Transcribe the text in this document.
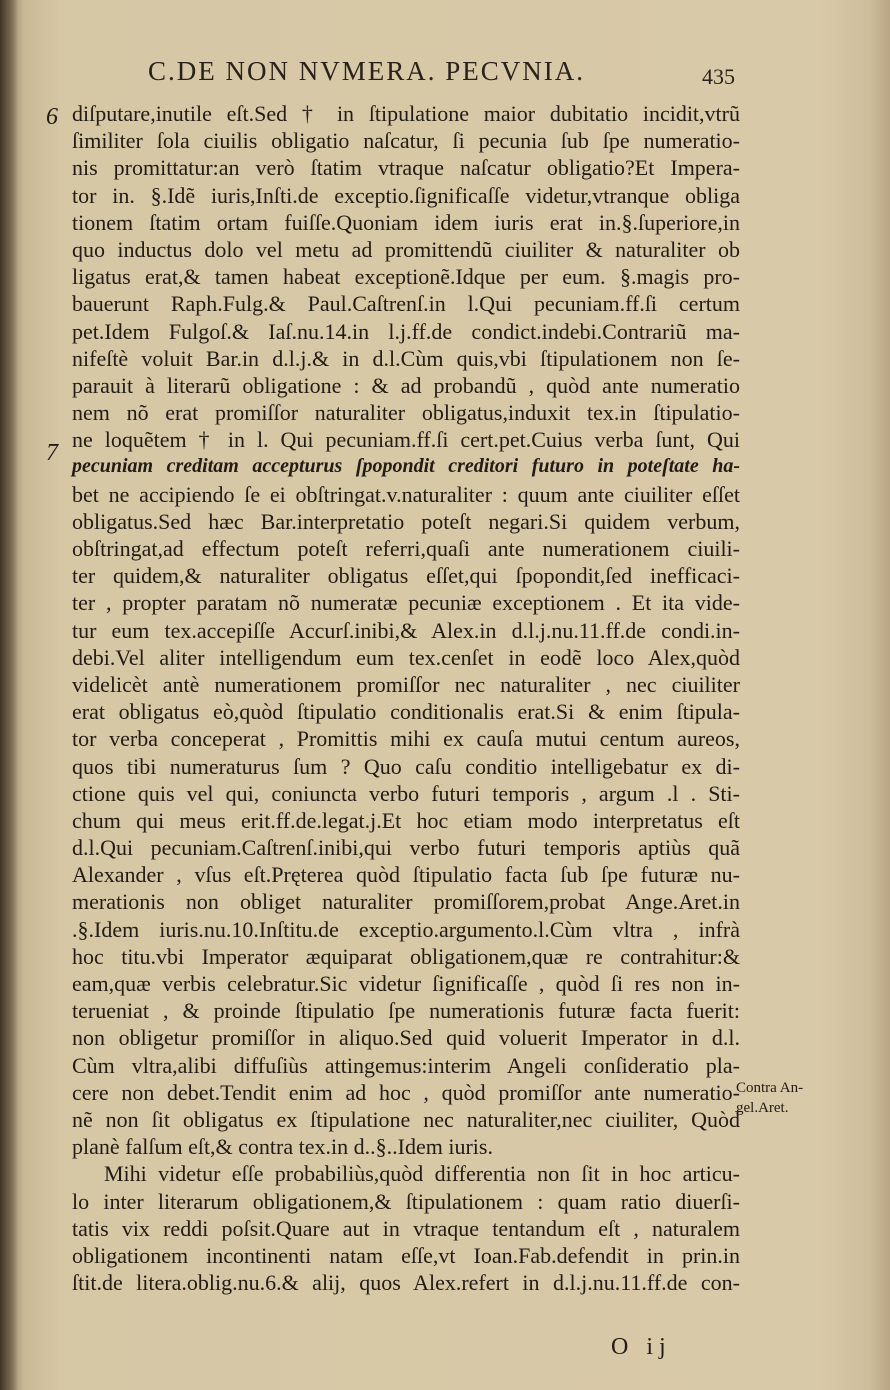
C.DE NON NVMERA. PECVNIA.	435
6
7
diſputare,inutile eſt.Sed † in ſtipulatione maior dubitatio incidit,vtrũ
ſimiliter ſola ciuilis obligatio naſcatur, ſi pecunia ſub ſpe numeratio-
nis promittatur:an verò ſtatim vtraque naſcatur obligatio?Et Impera-
tor in. §.Idẽ iuris,Inſti.de exceptio.ſignificaſſe videtur,vtranque obliga
tionem ſtatim ortam fuiſſe.Quoniam idem iuris erat in.§.ſuperiore,in
quo inductus dolo vel metu ad promittendũ ciuiliter & naturaliter ob
ligatus erat,& tamen habeat exceptionẽ.Idque per eum. §.magis pro-
bauerunt Raph.Fulg.& Paul.Caſtrenſ.in l.Qui pecuniam.ff.ſi certum
pet.Idem Fulgoſ.& Iaſ.nu.14.in l.j.ff.de condict.indebi.Contrariũ ma-
nifeſtè voluit Bar.in d.l.j.& in d.l.Cùm quis,vbi ſtipulationem non ſe-
parauit à literarũ obligatione : & ad probandũ , quòd ante numeratio
nem nõ erat promiſſor naturaliter obligatus,induxit tex.in ſtipulatio-
ne loquẽtem † in l. Qui pecuniam.ff.ſi cert.pet.Cuius verba ſunt, Qui
pecuniam creditam accepturus ſpopondit creditori futuro in poteſtate ha-
bet ne accipiendo ſe ei obſtringat.v.naturaliter : quum ante ciuiliter eſſet
obligatus.Sed hæc Bar.interpretatio poteſt negari.Si quidem verbum,
obſtringat,ad effectum poteſt referri,quaſi ante numerationem ciuili-
ter quidem,& naturaliter obligatus eſſet,qui ſpopondit,ſed inefficaci-
ter , propter paratam nõ numeratæ pecuniæ exceptionem . Et ita vide-
tur eum tex.accepiſſe Accurſ.inibi,& Alex.in d.l.j.nu.11.ff.de condi.in-
debi.Vel aliter intelligendum eum tex.cenſet in eodẽ loco Alex,quòd
videlicèt antè numerationem promiſſor nec naturaliter , nec ciuiliter
erat obligatus eò,quòd ſtipulatio conditionalis erat.Si & enim ſtipula-
tor verba conceperat , Promittis mihi ex cauſa mutui centum aureos,
quos tibi numeraturus ſum ? Quo caſu conditio intelligebatur ex di-
ctione quis vel qui, coniuncta verbo futuri temporis , argum .l . Sti-
chum qui meus erit.ff.de.legat.j.Et hoc etiam modo interpretatus eſt
d.l.Qui pecuniam.Caſtrenſ.inibi,qui verbo futuri temporis aptiùs quã
Alexander , vſus eſt.Pręterea quòd ſtipulatio facta ſub ſpe futuræ nu-
merationis non obliget naturaliter promiſſorem,probat Ange.Aret.in
.§.Idem iuris.nu.10.Inſtitu.de exceptio.argumento.l.Cùm vltra , infrà
hoc titu.vbi Imperator æquiparat obligationem,quæ re contrahitur:&
eam,quæ verbis celebratur.Sic videtur ſignificaſſe , quòd ſi res non in-
terueniat , & proinde ſtipulatio ſpe numerationis futuræ facta fuerit:
non obligetur promiſſor in aliquo.Sed quid voluerit Imperator in d.l.
Cùm vltra,alibi diffuſiùs attingemus:interim Angeli conſideratio pla-
cere non debet.Tendit enim ad hoc , quòd promiſſor ante numeratio-
nẽ non ſit obligatus ex ſtipulatione nec naturaliter,nec ciuiliter, Quòd
planè falſum eſt,& contra tex.in d..§..Idem iuris.
Mihi videtur eſſe probabiliùs,quòd differentia non ſit in hoc articu-
lo inter literarum obligationem,& ſtipulationem : quam ratio diuerſi-
tatis vix reddi poſsit.Quare aut in vtraque tentandum eſt , naturalem
obligationem incontinenti natam eſſe,vt Ioan.Fab.defendit in prin.in
ſtit.de litera.oblig.nu.6.& alij, quos Alex.refert in d.l.j.nu.11.ff.de con-
Contra An-
gel.Aret.
O ij
